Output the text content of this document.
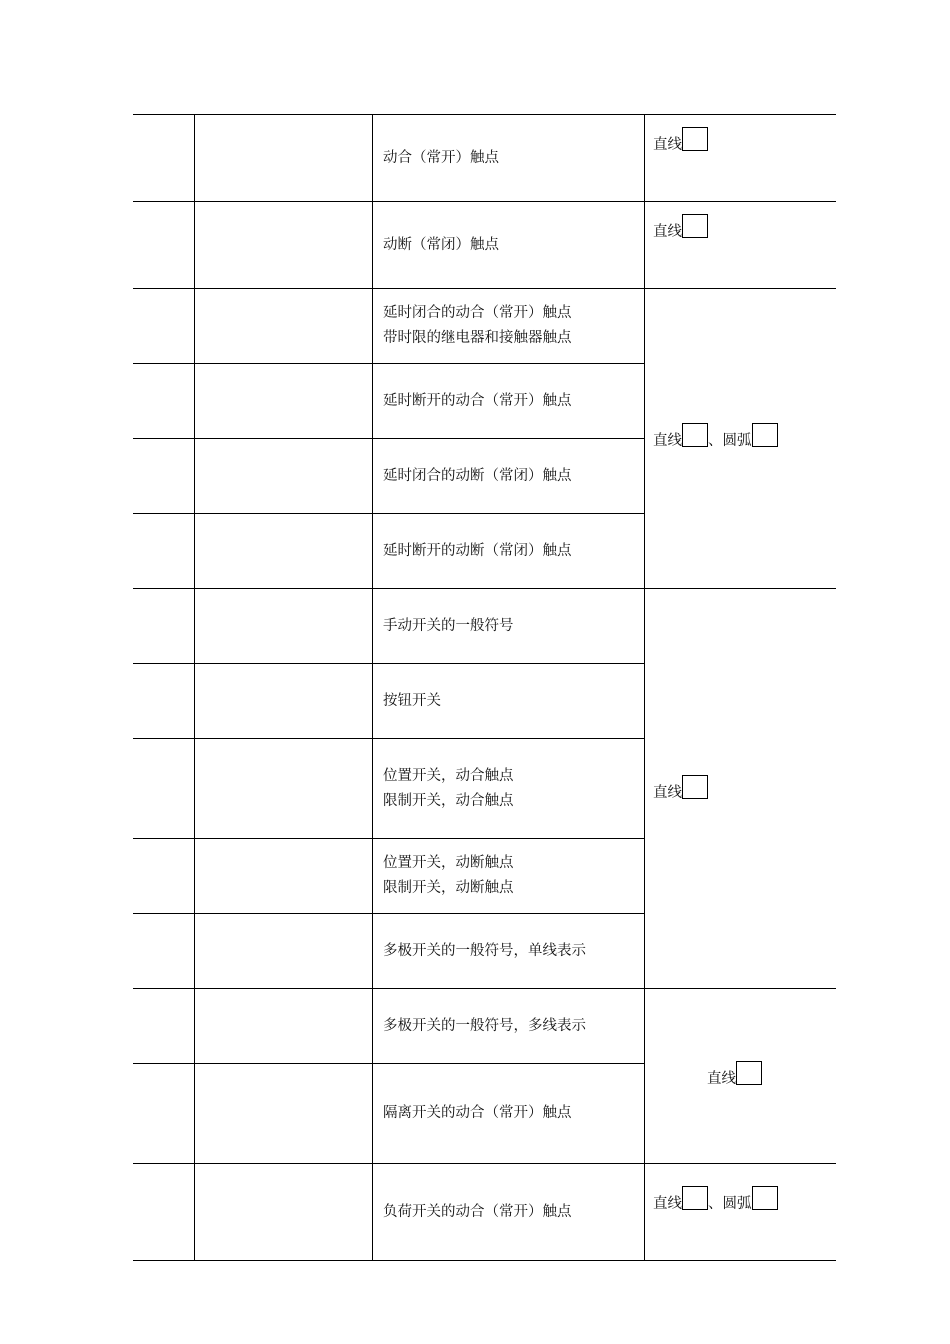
		动合（常开）触点	直线

		动断（常闭）触点	直线

		延时闭合的动合（常开）触点
带时限的继电器和接触器触点	直线 、 圆弧

		延时断开的动合（常开）触点	

		延时闭合的动断（常闭）触点	

		延时断开的动断（常闭）触点	

		手动开关的一般符号	直线

		按钮开关	

		位置开关，动合触点
限制开关，动合触点	

		位置开关，动断触点
限制开关，动断触点	

		多极开关的一般符号，单线表示	

		多极开关的一般符号，多线表示	直线

		隔离开关的动合（常开）触点	

		负荷开关的动合（常开）触点	直线 、 圆弧
